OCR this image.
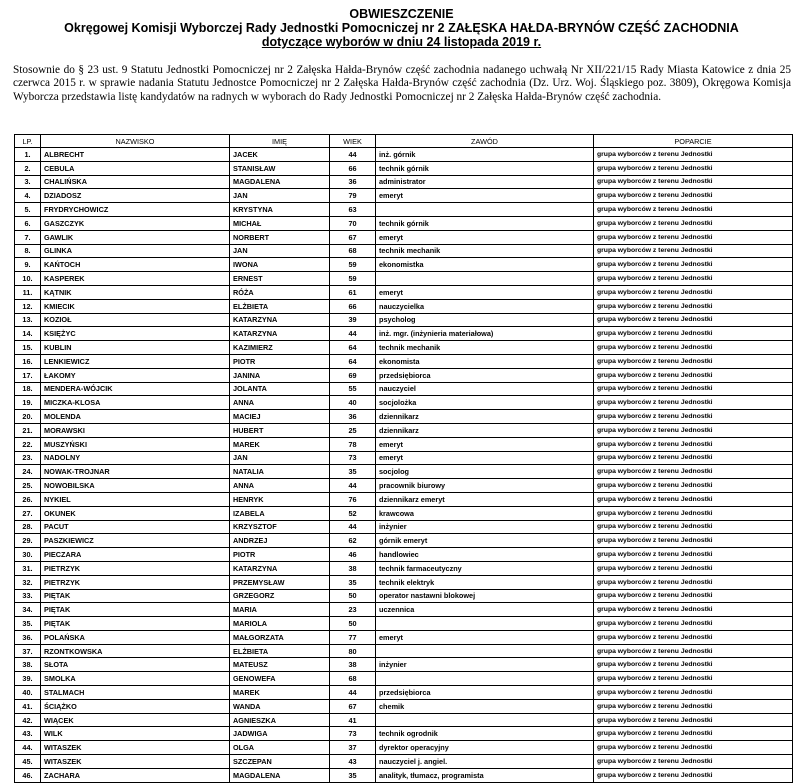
OBWIESZCZENIE
Okręgowej Komisji Wyborczej Rady Jednostki Pomocniczej nr 2 ZAŁĘSKA HAŁDA-BRYNÓW CZĘŚĆ ZACHODNIA
dotyczące wyborów w dniu 24 listopada 2019 r.
Stosownie do § 23 ust. 9 Statutu Jednostki Pomocniczej nr 2 Załęska Hałda-Brynów część zachodnia nadanego uchwałą Nr XII/221/15 Rady Miasta Katowice z dnia 25 czerwca 2015 r. w sprawie nadania Statutu Jednostce Pomocniczej nr 2 Załęska Hałda-Brynów część zachodnia (Dz. Urz. Woj. Śląskiego poz. 3809), Okręgowa Komisja Wyborcza przedstawia listę kandydatów na radnych w wyborach do Rady Jednostki Pomocniczej nr 2 Załęska Hałda-Brynów część zachodnia.
LP.	NAZWISKO	IMIĘ	WIEK	ZAWÓD	POPARCIE
1.	ALBRECHT	JACEK	44	inż. górnik	grupa wyborców z terenu Jednostki
2.	CEBULA	STANISŁAW	66	technik górnik	grupa wyborców z terenu Jednostki
3.	CHALIŃSKA	MAGDALENA	36	administrator	grupa wyborców z terenu Jednostki
4.	DZIADOSZ	JAN	79	emeryt	grupa wyborców z terenu Jednostki
5.	FRYDRYCHOWICZ	KRYSTYNA	63		grupa wyborców z terenu Jednostki
6.	GASZCZYK	MICHAŁ	70	technik górnik	grupa wyborców z terenu Jednostki
7.	GAWLIK	NORBERT	67	emeryt	grupa wyborców z terenu Jednostki
8.	GLINKA	JAN	68	technik mechanik	grupa wyborców z terenu Jednostki
9.	KAŃTOCH	IWONA	59	ekonomistka	grupa wyborców z terenu Jednostki
10.	KASPEREK	ERNEST	59		grupa wyborców z terenu Jednostki
11.	KĄTNIK	RÓŻA	61	emeryt	grupa wyborców z terenu Jednostki
12.	KMIECIK	ELŻBIETA	66	nauczycielka	grupa wyborców z terenu Jednostki
13.	KOZIOŁ	KATARZYNA	39	psycholog	grupa wyborców z terenu Jednostki
14.	KSIĘŻYC	KATARZYNA	44	inż. mgr. (inżynieria materiałowa)	grupa wyborców z terenu Jednostki
15.	KUBLIN	KAZIMIERZ	64	technik mechanik	grupa wyborców z terenu Jednostki
16.	LENKIEWICZ	PIOTR	64	ekonomista	grupa wyborców z terenu Jednostki
17.	ŁAKOMY	JANINA	69	przedsiębiorca	grupa wyborców z terenu Jednostki
18.	MENDERA-WÓJCIK	JOLANTA	55	nauczyciel	grupa wyborców z terenu Jednostki
19.	MICZKA-KLOSA	ANNA	40	socjolożka	grupa wyborców z terenu Jednostki
20.	MOLENDA	MACIEJ	36	dziennikarz	grupa wyborców z terenu Jednostki
21.	MORAWSKI	HUBERT	25	dziennikarz	grupa wyborców z terenu Jednostki
22.	MUSZYŃSKI	MAREK	78	emeryt	grupa wyborców z terenu Jednostki
23.	NADOLNY	JAN	73	emeryt	grupa wyborców z terenu Jednostki
24.	NOWAK-TROJNAR	NATALIA	35	socjolog	grupa wyborców z terenu Jednostki
25.	NOWOBILSKA	ANNA	44	pracownik biurowy	grupa wyborców z terenu Jednostki
26.	NYKIEL	HENRYK	76	dziennikarz emeryt	grupa wyborców z terenu Jednostki
27.	OKUNEK	IZABELA	52	krawcowa	grupa wyborców z terenu Jednostki
28.	PACUT	KRZYSZTOF	44	inżynier	grupa wyborców z terenu Jednostki
29.	PASZKIEWICZ	ANDRZEJ	62	górnik emeryt	grupa wyborców z terenu Jednostki
30.	PIECZARA	PIOTR	46	handlowiec	grupa wyborców z terenu Jednostki
31.	PIETRZYK	KATARZYNA	38	technik farmaceutyczny	grupa wyborców z terenu Jednostki
32.	PIETRZYK	PRZEMYSŁAW	35	technik elektryk	grupa wyborców z terenu Jednostki
33.	PIĘTAK	GRZEGORZ	50	operator nastawni blokowej	grupa wyborców z terenu Jednostki
34.	PIĘTAK	MARIA	23	uczennica	grupa wyborców z terenu Jednostki
35.	PIĘTAK	MARIOLA	50		grupa wyborców z terenu Jednostki
36.	POLAŃSKA	MAŁGORZATA	77	emeryt	grupa wyborców z terenu Jednostki
37.	RZONTKOWSKA	ELŻBIETA	80		grupa wyborców z terenu Jednostki
38.	SŁOTA	MATEUSZ	38	inżynier	grupa wyborców z terenu Jednostki
39.	SMOLKA	GENOWEFA	68		grupa wyborców z terenu Jednostki
40.	STALMACH	MAREK	44	przedsiębiorca	grupa wyborców z terenu Jednostki
41.	ŚCIĄŻKO	WANDA	67	chemik	grupa wyborców z terenu Jednostki
42.	WIĄCEK	AGNIESZKA	41		grupa wyborców z terenu Jednostki
43.	WILK	JADWIGA	73	technik ogrodnik	grupa wyborców z terenu Jednostki
44.	WITASZEK	OLGA	37	dyrektor operacyjny	grupa wyborców z terenu Jednostki
45.	WITASZEK	SZCZEPAN	43	nauczyciel j. angiel.	grupa wyborców z terenu Jednostki
46.	ZACHARA	MAGDALENA	35	analityk, tłumacz, programista	grupa wyborców z terenu Jednostki
